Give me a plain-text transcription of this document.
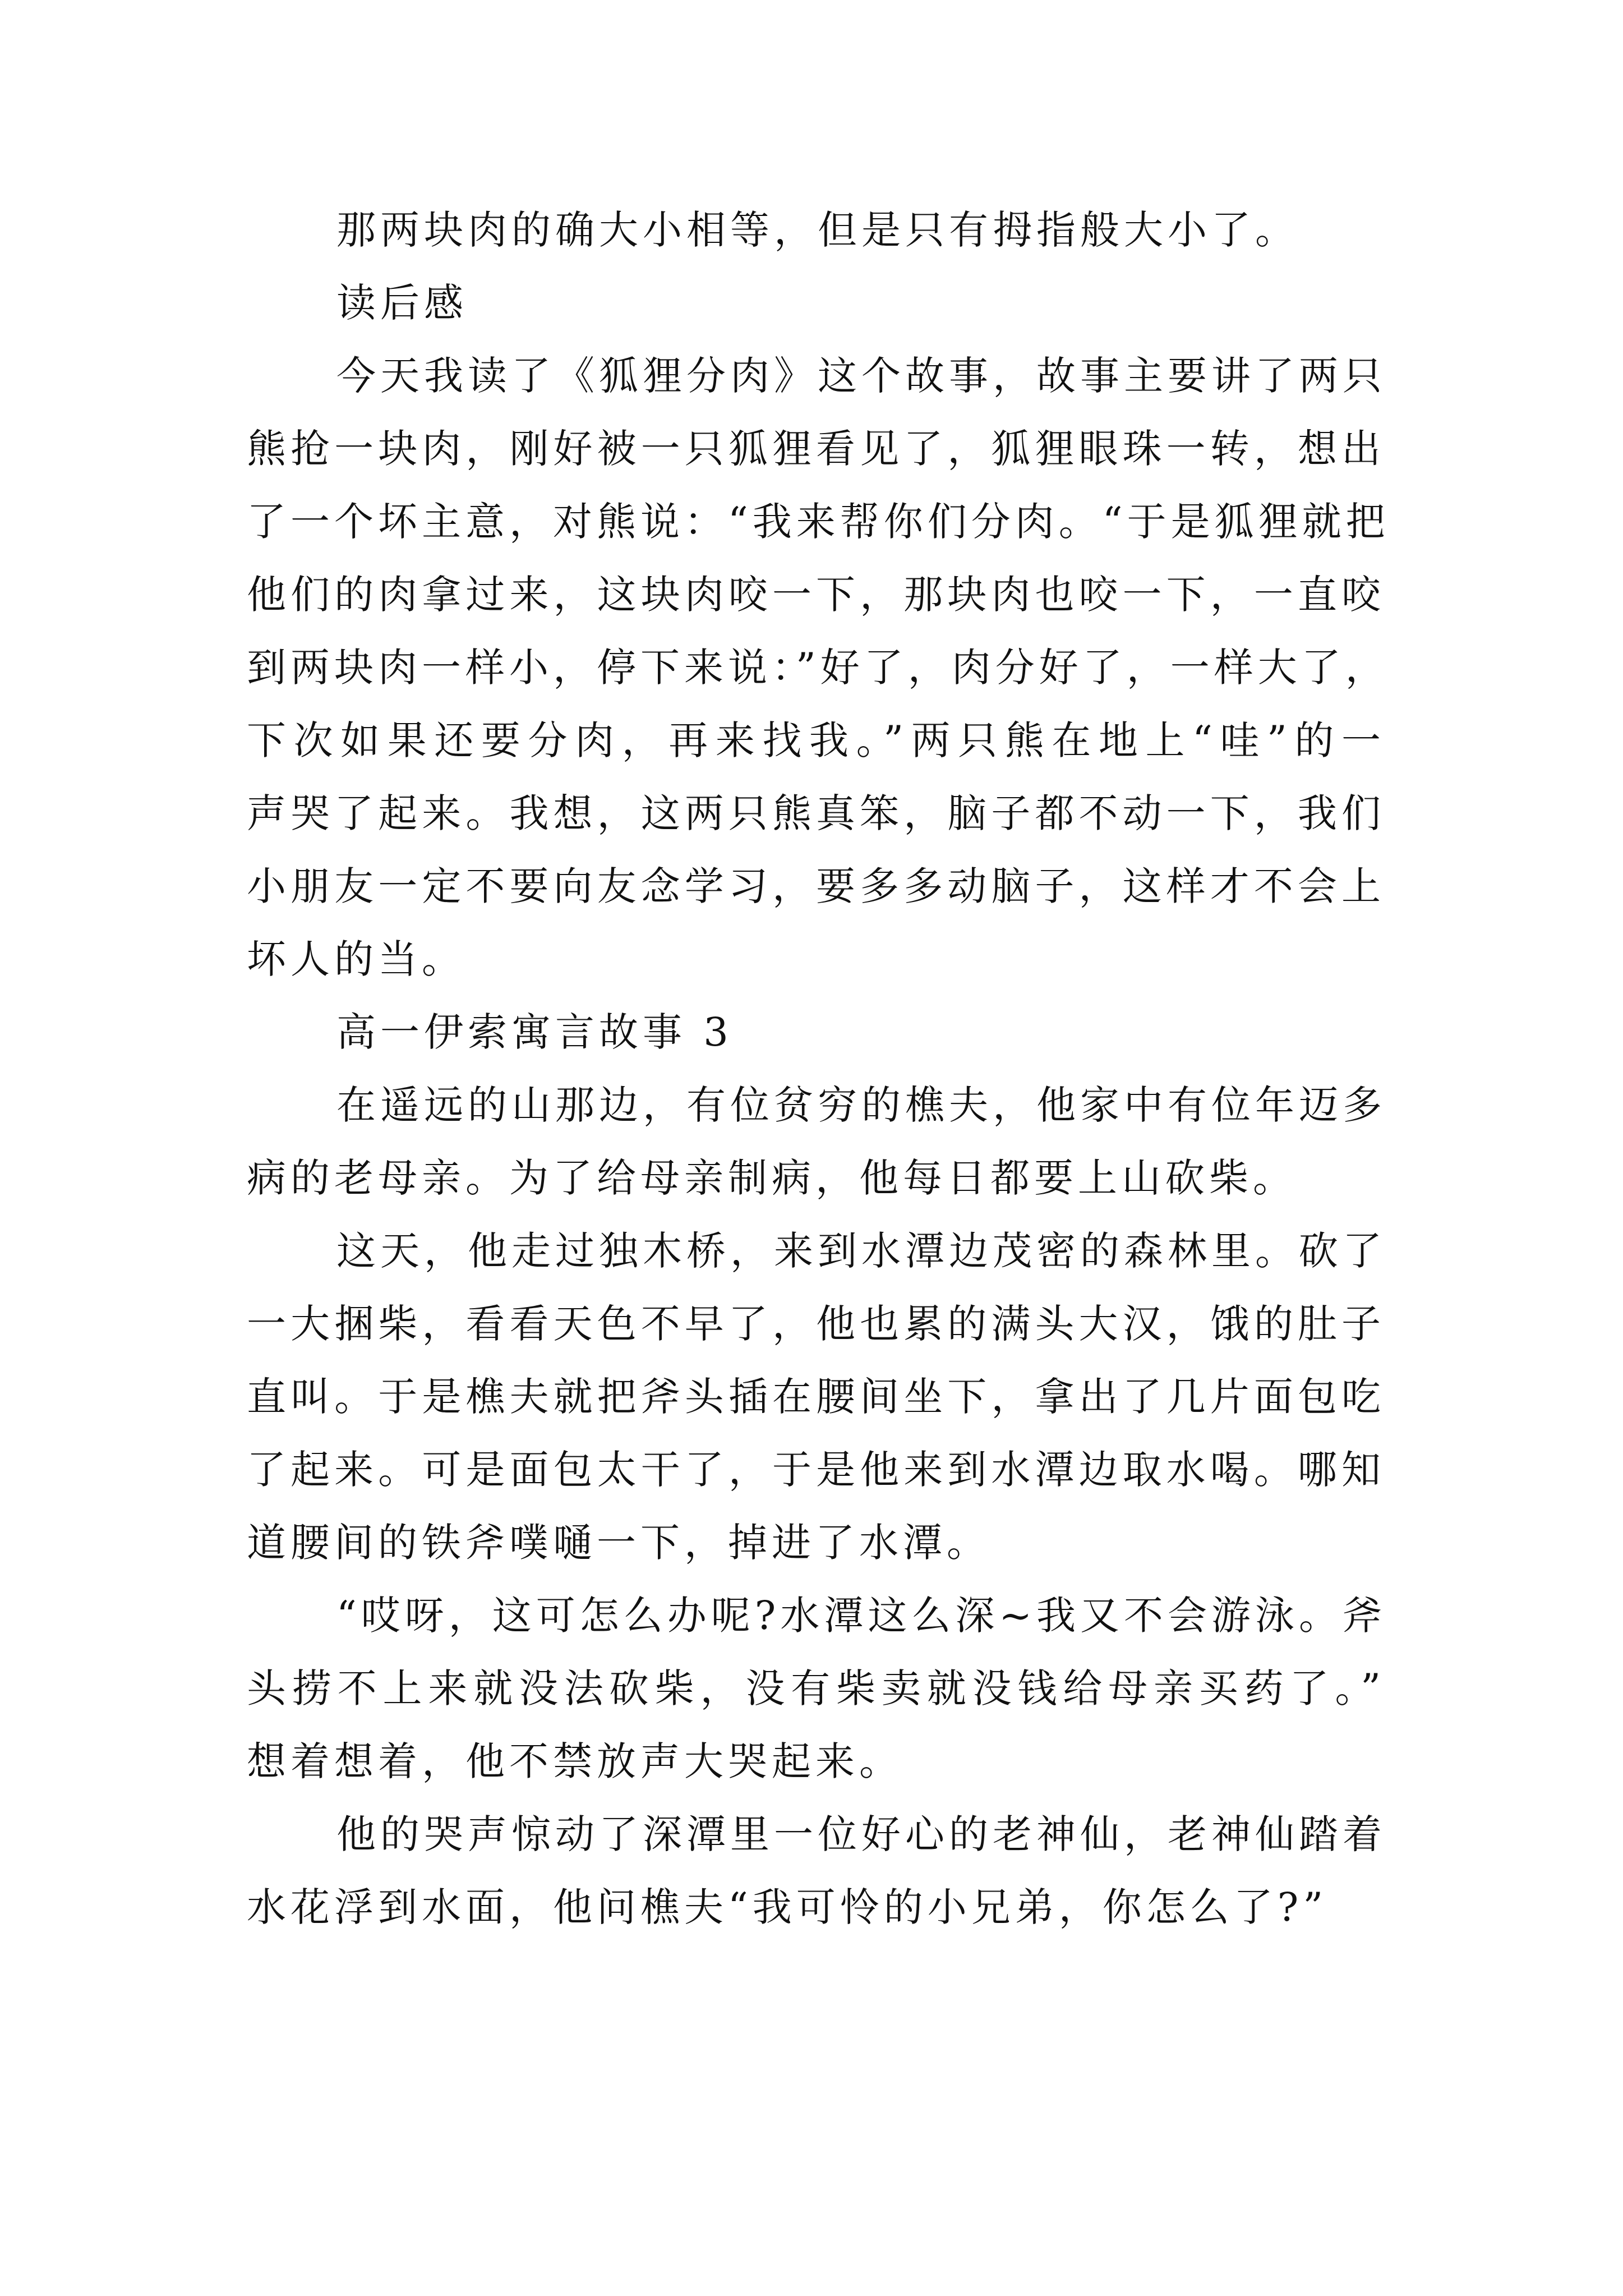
那两块肉的确大小相等，但是只有拇指般大小了。
读后感
今天我读了《狐狸分肉》这个故事，故事主要讲了两只
熊抢一块肉，刚好被一只狐狸看见了，狐狸眼珠一转，想出
了一个坏主意，对熊说：“我来帮你们分肉。“于是狐狸就把
他们的肉拿过来，这块肉咬一下，那块肉也咬一下，一直咬
到两块肉一样小，停下来说：”好了，肉分好了，一样大了，
下次如果还要分肉，再来找我。”两只熊在地上“哇”的一
声哭了起来。我想，这两只熊真笨，脑子都不动一下，我们
小朋友一定不要向友念学习，要多多动脑子，这样才不会上
坏人的当。
高一伊索寓言故事 3
在遥远的山那边，有位贫穷的樵夫，他家中有位年迈多
病的老母亲。为了给母亲制病，他每日都要上山砍柴。
这天，他走过独木桥，来到水潭边茂密的森林里。砍了
一大捆柴，看看天色不早了，他也累的满头大汉，饿的肚子
直叫。于是樵夫就把斧头插在腰间坐下，拿出了几片面包吃
了起来。可是面包太干了，于是他来到水潭边取水喝。哪知
道腰间的铁斧噗嗵一下，掉进了水潭。
“哎呀，这可怎么办呢?水潭这么深~我又不会游泳。斧
头捞不上来就没法砍柴，没有柴卖就没钱给母亲买药了。”
想着想着，他不禁放声大哭起来。
他的哭声惊动了深潭里一位好心的老神仙，老神仙踏着
水花浮到水面，他问樵夫“我可怜的小兄弟，你怎么了?”
